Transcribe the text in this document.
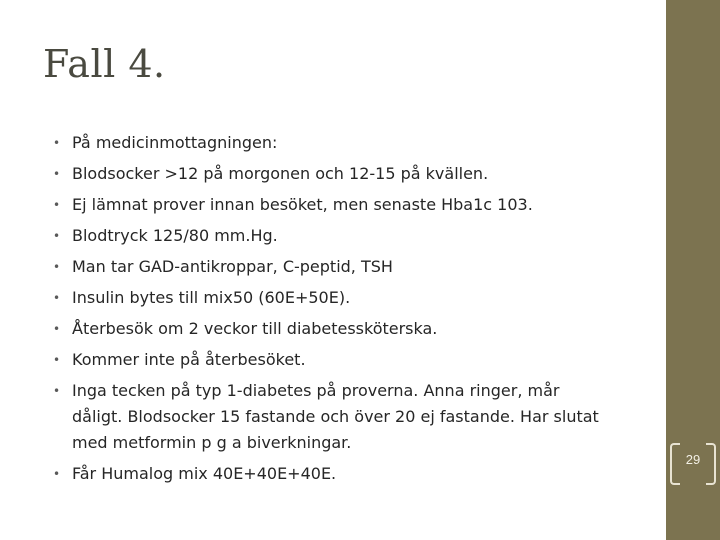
Fall 4.
• På medicinmottagningen:
• Blodsocker >12 på morgonen och 12-15 på kvällen.
• Ej lämnat prover innan besöket, men senaste Hba1c 103.
• Blodtryck 125/80 mm.Hg.
• Man tar GAD-antikroppar, C-peptid, TSH
• Insulin bytes till mix50 (60E+50E).
• Återbesök om 2 veckor till diabetessköterska.
• Kommer inte på återbesöket.
• Inga tecken på typ 1-diabetes på proverna. Anna ringer, mår dåligt. Blodsocker 15 fastande och över 20 ej fastande. Har slutat med metformin p g a biverkningar.
• Får Humalog mix 40E+40E+40E.
29
